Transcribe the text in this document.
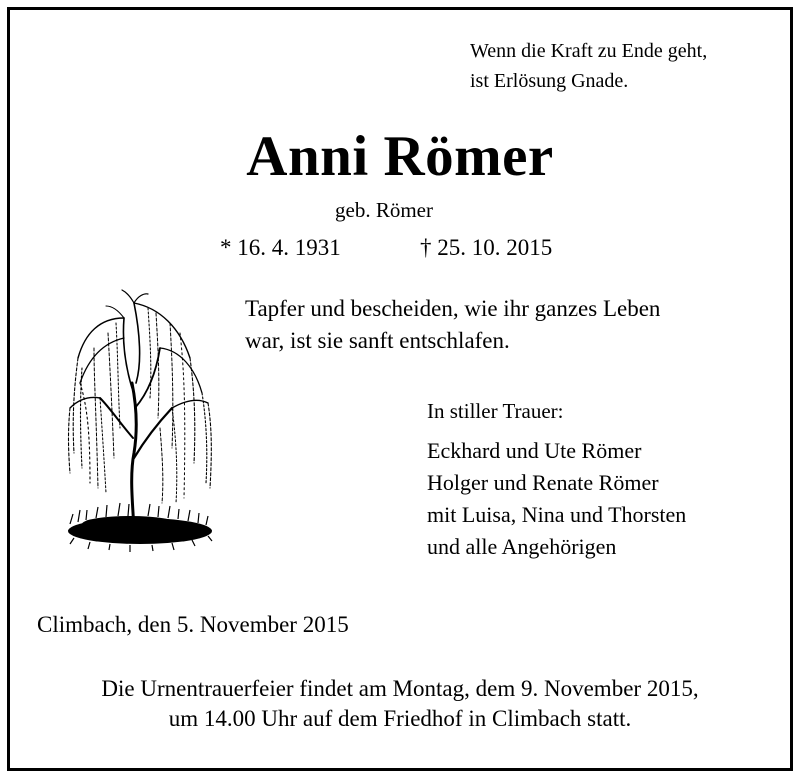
Wenn die Kraft zu Ende geht,
ist Erlösung Gnade.
Anni Römer
geb. Römer
* 16. 4. 1931	† 25. 10. 2015
Tapfer und bescheiden, wie ihr ganzes Leben
war, ist sie sanft entschlafen.
In stiller Trauer:
Eckhard und Ute Römer
Holger und Renate Römer
mit Luisa, Nina und Thorsten
und alle Angehörigen
Climbach, den 5. November 2015
Die Urnentrauerfeier findet am Montag, dem 9. November 2015,
um 14.00 Uhr auf dem Friedhof in Climbach statt.
